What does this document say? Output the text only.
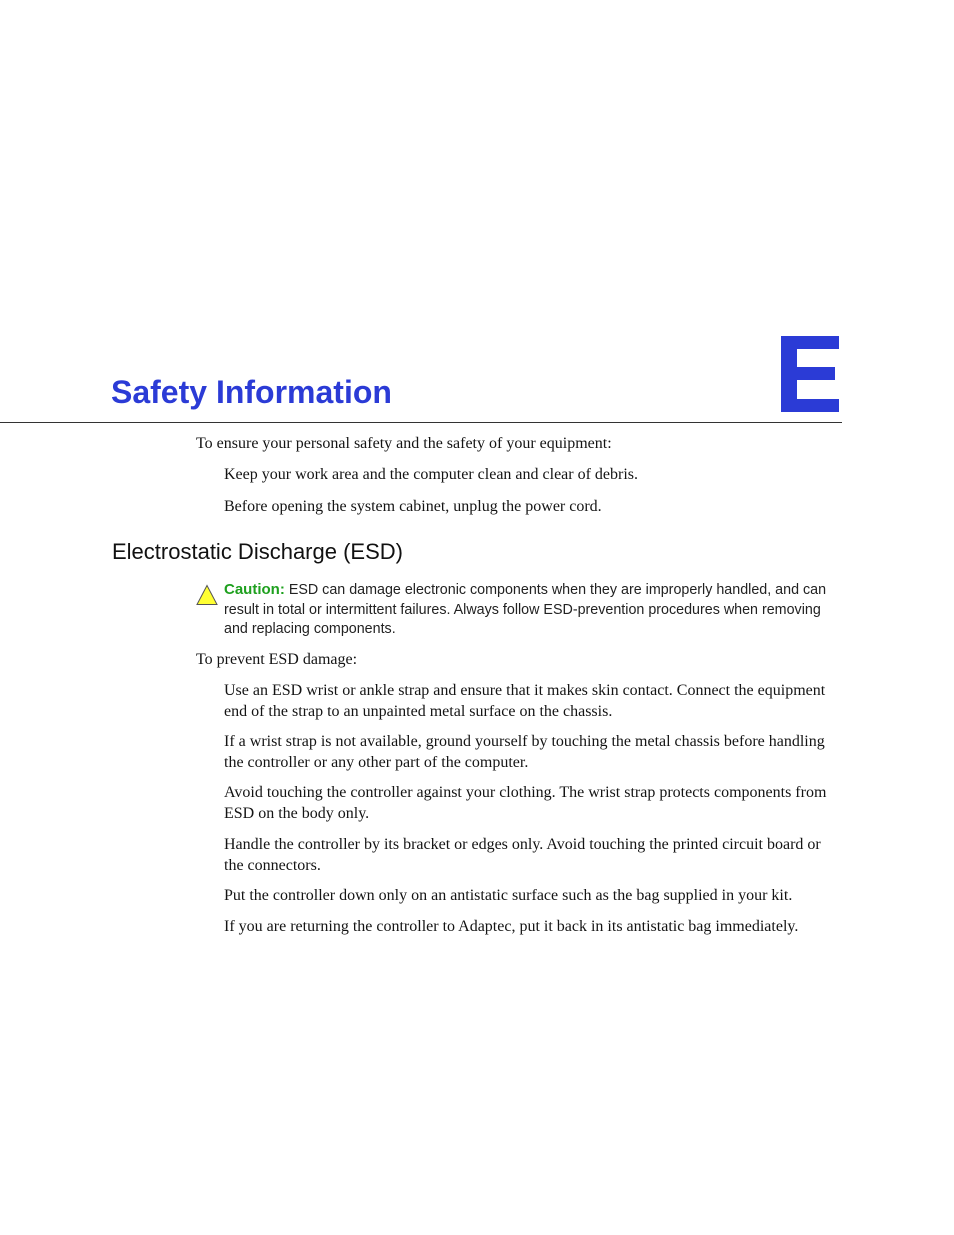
Safety Information

To ensure your personal safety and the safety of your equipment:

Keep your work area and the computer clean and clear of debris.

Before opening the system cabinet, unplug the power cord.

Electrostatic Discharge (ESD)

Caution: ESD can damage electronic components when they are improperly handled, and can result in total or intermittent failures. Always follow ESD-prevention procedures when removing and replacing components.

To prevent ESD damage:

Use an ESD wrist or ankle strap and ensure that it makes skin contact. Connect the equipment end of the strap to an unpainted metal surface on the chassis.

If a wrist strap is not available, ground yourself by touching the metal chassis before handling the controller or any other part of the computer.

Avoid touching the controller against your clothing. The wrist strap protects components from ESD on the body only.

Handle the controller by its bracket or edges only. Avoid touching the printed circuit board or the connectors.

Put the controller down only on an antistatic surface such as the bag supplied in your kit.

If you are returning the controller to Adaptec, put it back in its antistatic bag immediately.
